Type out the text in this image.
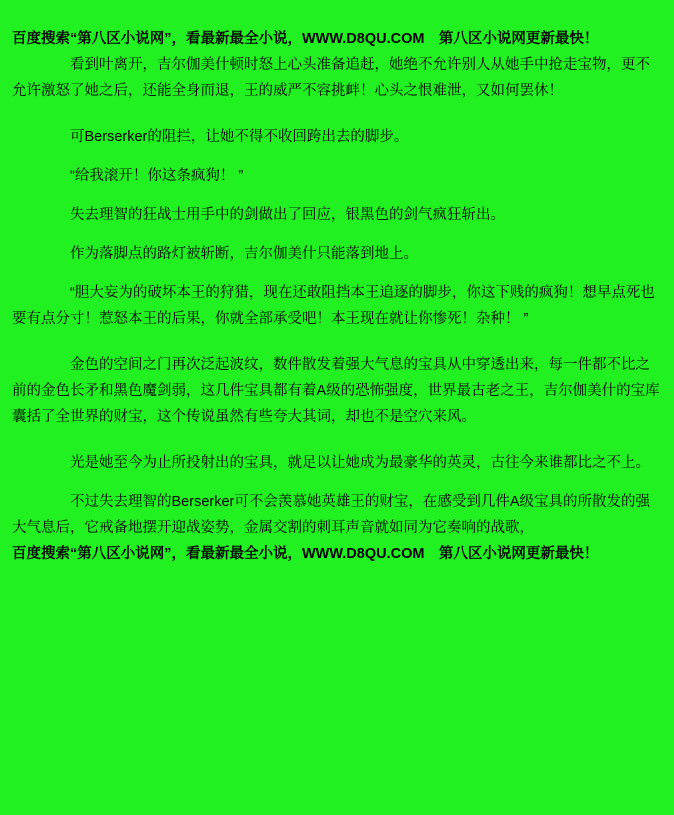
百度搜索“第八区小说网”，看最新最全小说，WWW.D8QU.COM　第八区小说网更新最快！

看到叶离开，吉尔伽美什顿时怒上心头准备追赶，她绝不允许别人从她手中抢走宝物，更不允许激怒了她之后，还能全身而退，王的威严不容挑衅！心头之恨难泄，又如何罢休！

可Berserker的阻拦，让她不得不收回跨出去的脚步。

“给我滚开！你这条疯狗！ ”

失去理智的狂战士用手中的剑做出了回应，银黑色的剑气疯狂斩出。

作为落脚点的路灯被斩断，吉尔伽美什只能落到地上。

“胆大妄为的破坏本王的狩猎，现在还敢阻挡本王追逐的脚步，你这下贱的疯狗！想早点死也要有点分寸！惹怒本王的后果，你就全部承受吧！本王现在就让你惨死！杂种！ ”

金色的空间之门再次泛起波纹，数件散发着强大气息的宝具从中穿透出来，每一件都不比之前的金色长矛和黑色魔剑弱，这几件宝具都有着A级的恐怖强度，世界最古老之王，吉尔伽美什的宝库囊括了全世界的财宝，这个传说虽然有些夸大其词，却也不是空穴来风。

光是她至今为止所投射出的宝具，就足以让她成为最豪华的英灵，古往今来谁都比之不上。

不过失去理智的Berserker可不会羡慕她英雄王的财宝，在感受到几件A级宝具的所散发的强大气息后，它戒备地摆开迎战姿势，金属交割的刺耳声音就如同为它奏响的战歌，

百度搜索“第八区小说网”，看最新最全小说，WWW.D8QU.COM　第八区小说网更新最快！
